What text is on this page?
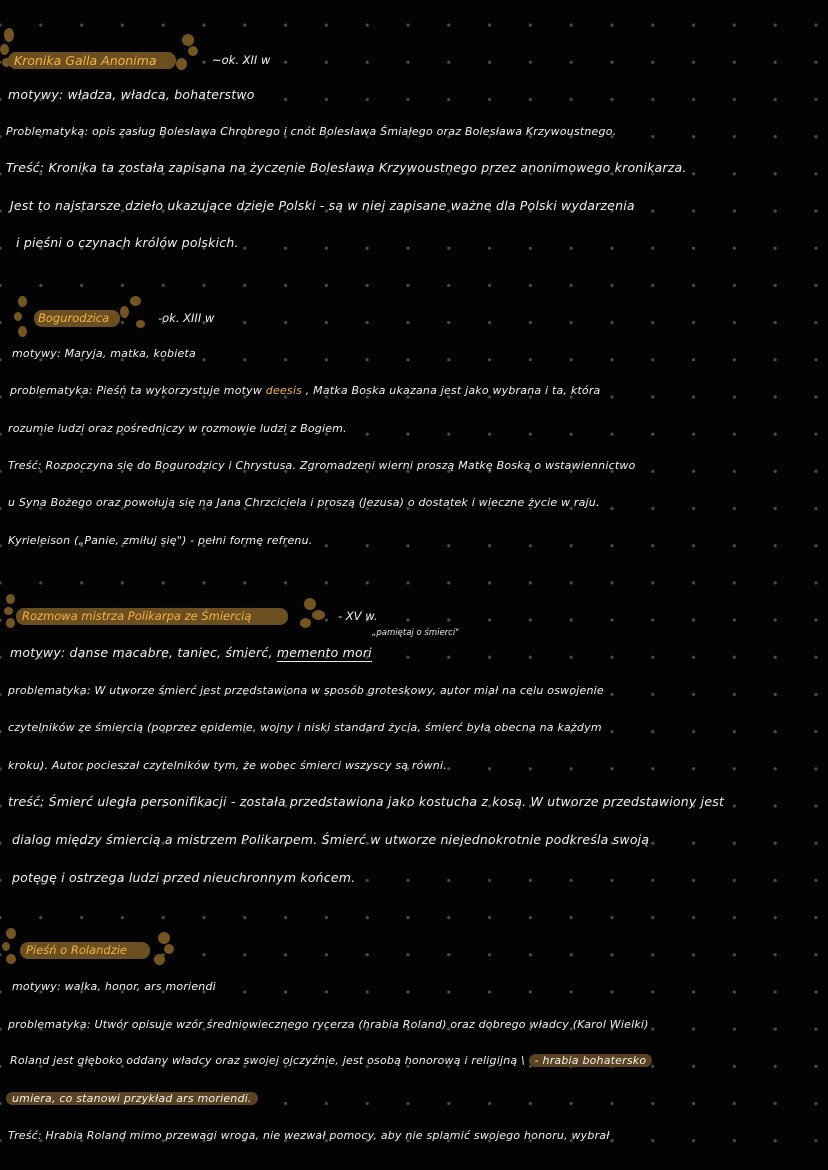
Kronika Galla Anonima	~ok. XII w
motywy: władza, władca, bohaterstwo
Problematyka: opis zasług Bolesława Chrobrego i cnót Bolesława Śmiałego oraz Bolesława Krzywoustnego.
Treść: Kronika ta została zapisana na życzenie Bolesława Krzywoustnego przez anonimowego kronikarza.
Jest to najstarsze dzieło ukazujące dzieje Polski - są w niej zapisane ważne dla Polski wydarzenia
i pieśni o czynach królów polskich.
Bogurodzica	-ok. XIII w
motywy: Maryja, matka, kobieta
problematyka: Pieśń ta wykorzystuje motyw deesis , Matka Boska ukazana jest jako wybrana i ta, która
rozumie ludzi oraz pośredniczy w rozmowie ludzi z Bogiem.
Treść: Rozpoczyna się do Bogurodzicy i Chrystusa. Zgromadzeni wierni proszą Matkę Boską o wstawiennictwo
u Syna Bożego oraz powołują się na Jana Chrzciciela i proszą (Jezusa) o dostatek i wieczne życie w raju.
Kyrieleison („Panie, zmiłuj się") - pełni formę refrenu.
Rozmowa mistrza Polikarpa ze Śmiercią	- XV w.
„pamiętaj o śmierci"
motywy: danse macabre, taniec, śmierć, memento mori
problematyka: W utworze śmierć jest przedstawiona w sposób groteskowy, autor miał na celu oswojenie
czytelników ze śmiercią (poprzez epidemie, wojny i niski standard życia, śmierć była obecna na każdym
kroku). Autor pocieszał czytelników tym, że wobec śmierci wszyscy są równi.
treść: Śmierć uległa personifikacji - została przedstawiona jako kostucha z kosą. W utworze przedstawiony jest
dialog między śmiercią a mistrzem Polikarpem. Śmierć w utworze niejednokrotnie podkreśla swoją
potęgę i ostrzega ludzi przed nieuchronnym końcem.
Pieśń o Rolandzie
motywy: walka, honor, ars moriendi
problematyka: Utwór opisuje wzór średniowiecznego rycerza (hrabia Roland) oraz dobrego władcy (Karol Wielki)
Roland jest głęboko oddany władcy oraz swojej ojczyźnie, jest osobą honorową i religijną \ - hrabia bohatersko
umiera, co stanowi przykład ars moriendi.
Treść: Hrabia Roland mimo przewagi wroga, nie wezwał pomocy, aby nie splamić swojego honoru, wybrał
